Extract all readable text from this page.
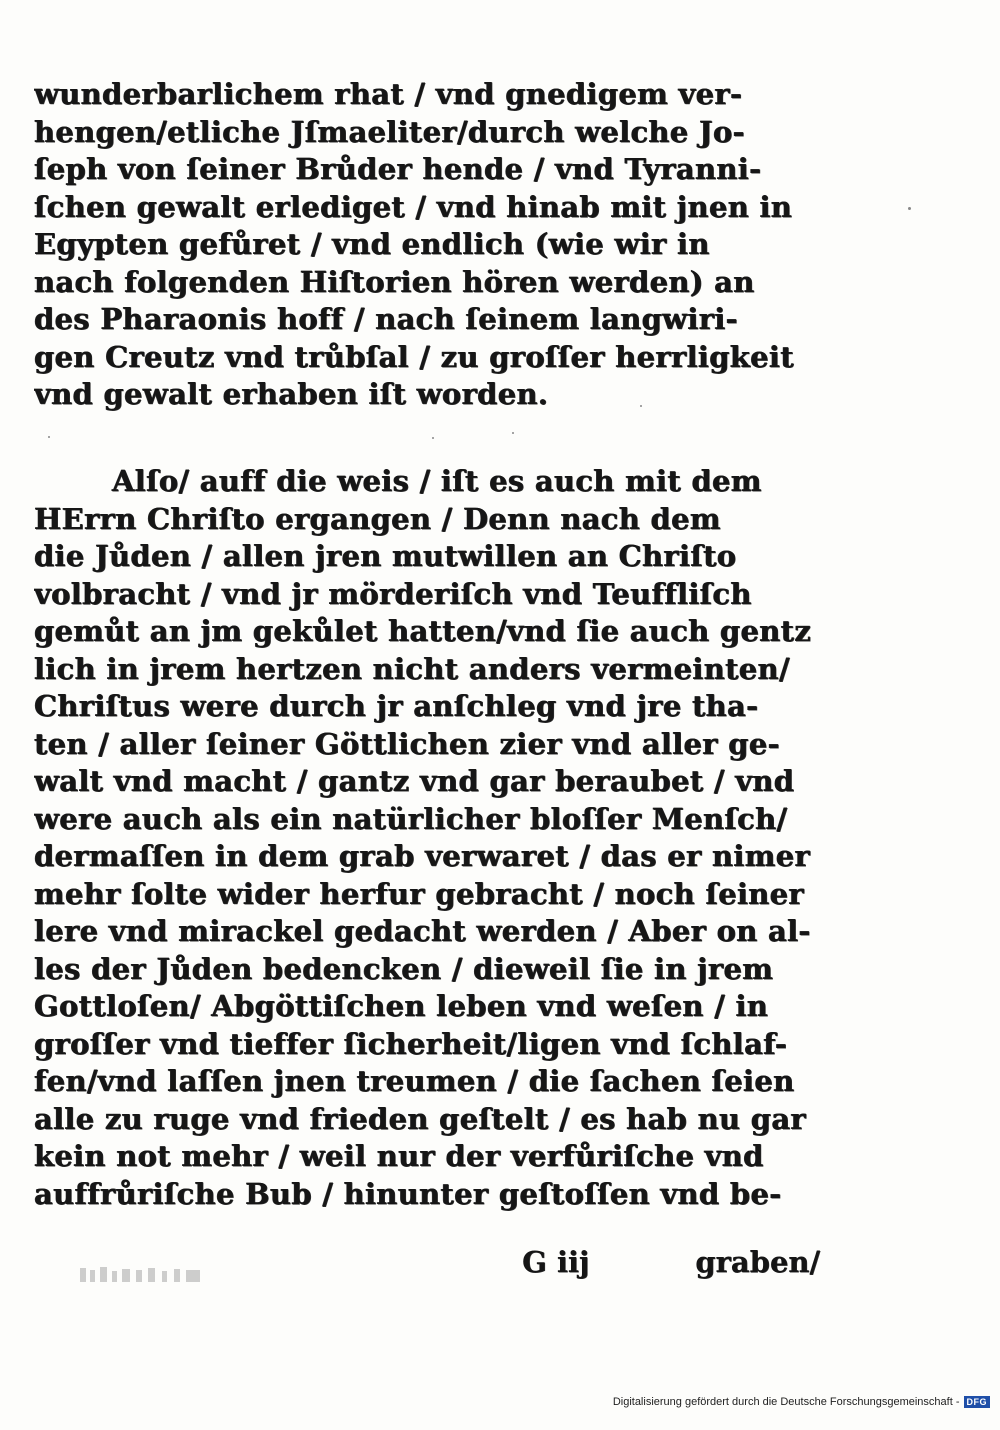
wunderbarlichem rhat / vnd gnedigem ver-
hengen/etliche Jſmaeliter/durch welche Jo-
ſeph von ſeiner Brůder hende / vnd Tyranni-
ſchen gewalt erlediget / vnd hinab mit jnen in
Egypten gefůret / vnd endlich (wie wir in
nach folgenden Hiſtorien hören werden) an
des Pharaonis hoff / nach ſeinem langwiri-
gen Creutz vnd trůbſal / zu groſſer herrligkeit
vnd gewalt erhaben iſt worden.
Alſo/ auff die weis / iſt es auch mit dem
HErrn Chriſto ergangen / Denn nach dem
die Jůden / allen jren mutwillen an Chriſto
volbracht / vnd jr mörderiſch vnd Teuffliſch
gemůt an jm gekůlet hatten/vnd ſie auch gentz
lich in jrem hertzen nicht anders vermeinten/
Chriſtus were durch jr anſchleg vnd jre tha-
ten / aller ſeiner Göttlichen zier vnd aller ge-
walt vnd macht / gantz vnd gar beraubet / vnd
were auch als ein natürlicher bloſſer Menſch/
dermaſſen in dem grab verwaret / das er nimer
mehr ſolte wider herfur gebracht / noch ſeiner
lere vnd mirackel gedacht werden / Aber on al-
les der Jůden bedencken / dieweil ſie in jrem
Gottloſen/ Abgöttiſchen leben vnd weſen / in
groſſer vnd tieffer ſicherheit/ligen vnd ſchlaf-
fen/vnd laſſen jnen treumen / die ſachen ſeien
alle zu ruge vnd frieden geſtelt / es hab nu gar
kein not mehr / weil nur der verfůriſche vnd
auffrůriſche Bub / hinunter geſtoſſen vnd be-
G iij	graben/
Digitalisierung gefördert durch die Deutsche Forschungsgemeinschaft - DFG
